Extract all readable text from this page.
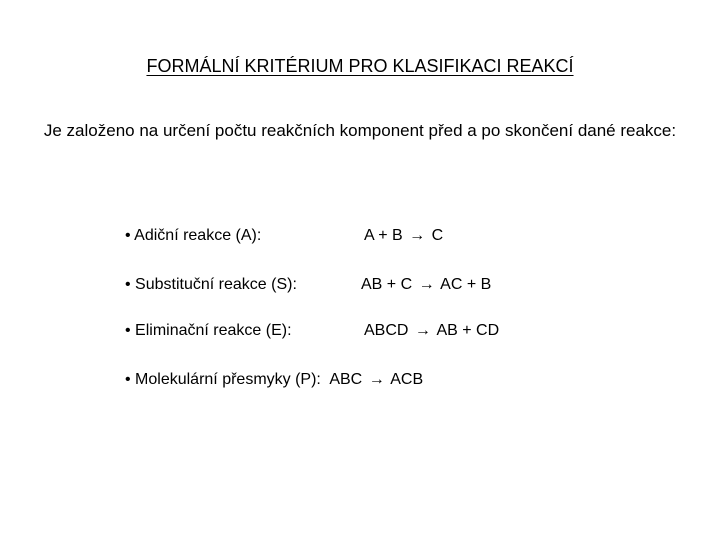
FORMÁLNÍ KRITÉRIUM PRO KLASIFIKACI REAKCÍ
Je založeno na určení počtu reakčních komponent před a po skončení dané reakce:
• Adiční reakce (A):	A + B → C
• Substituční reakce (S):	AB + C → AC + B
• Eliminační reakce (E):	ABCD → AB + CD
• Molekulární přesmyky (P): ABC → ACB
